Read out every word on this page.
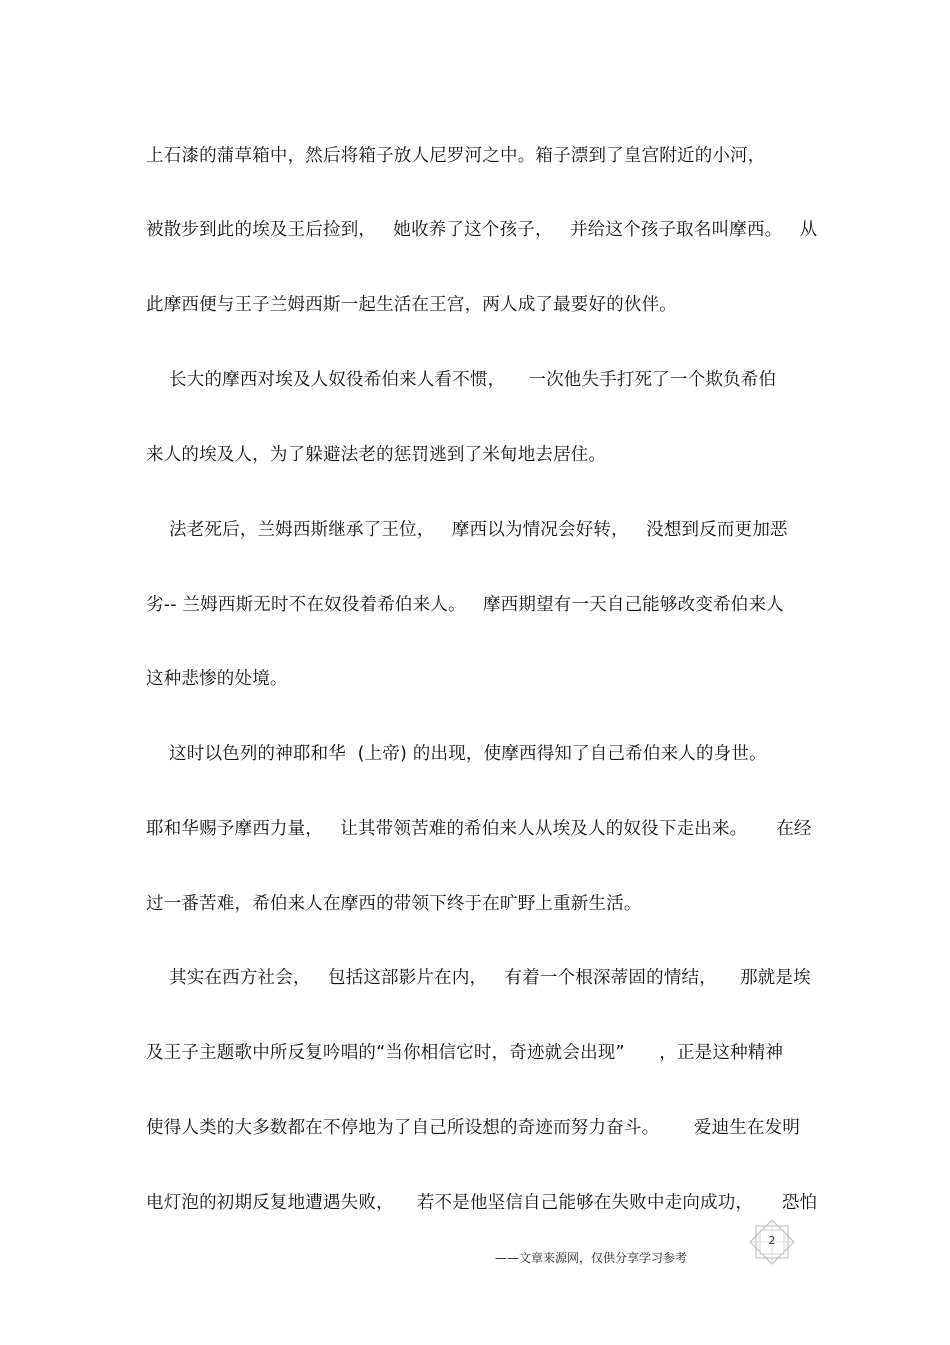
上石漆的蒲草箱中，然后将箱子放人尼罗河之中。箱子漂到了皇宫附近的小河，
被散步到此的埃及王后捡到，   她收养了这个孩子，   并给这个孩子取名叫摩西。   从
此摩西便与王子兰姆西斯一起生活在王宫，两人成了最要好的伙伴。
长大的摩西对埃及人奴役希伯来人看不惯，    一次他失手打死了一个欺负希伯
来人的埃及人，为了躲避法老的惩罚逃到了米甸地去居住。
法老死后，兰姆西斯继承了王位，   摩西以为情况会好转，   没想到反而更加恶
劣-- 兰姆西斯无时不在奴役着希伯来人。   摩西期望有一天自己能够改变希伯来人
这种悲惨的处境。
这时以色列的神耶和华  (上帝) 的出现，使摩西得知了自己希伯来人的身世。
耶和华赐予摩西力量，   让其带领苦难的希伯来人从埃及人的奴役下走出来。     在经
过一番苦难，希伯来人在摩西的带领下终于在旷野上重新生活。
其实在西方社会，   包括这部影片在内，   有着一个根深蒂固的情结，    那就是埃
及王子主题歌中所反复吟唱的“当你相信它时，奇迹就会出现”      ，正是这种精神
使得人类的大多数都在不停地为了自己所设想的奇迹而努力奋斗。      爱迪生在发明
电灯泡的初期反复地遭遇失败，    若不是他坚信自己能够在失败中走向成功，     恐怕
——文章来源网，仅供分享学习参考
2
